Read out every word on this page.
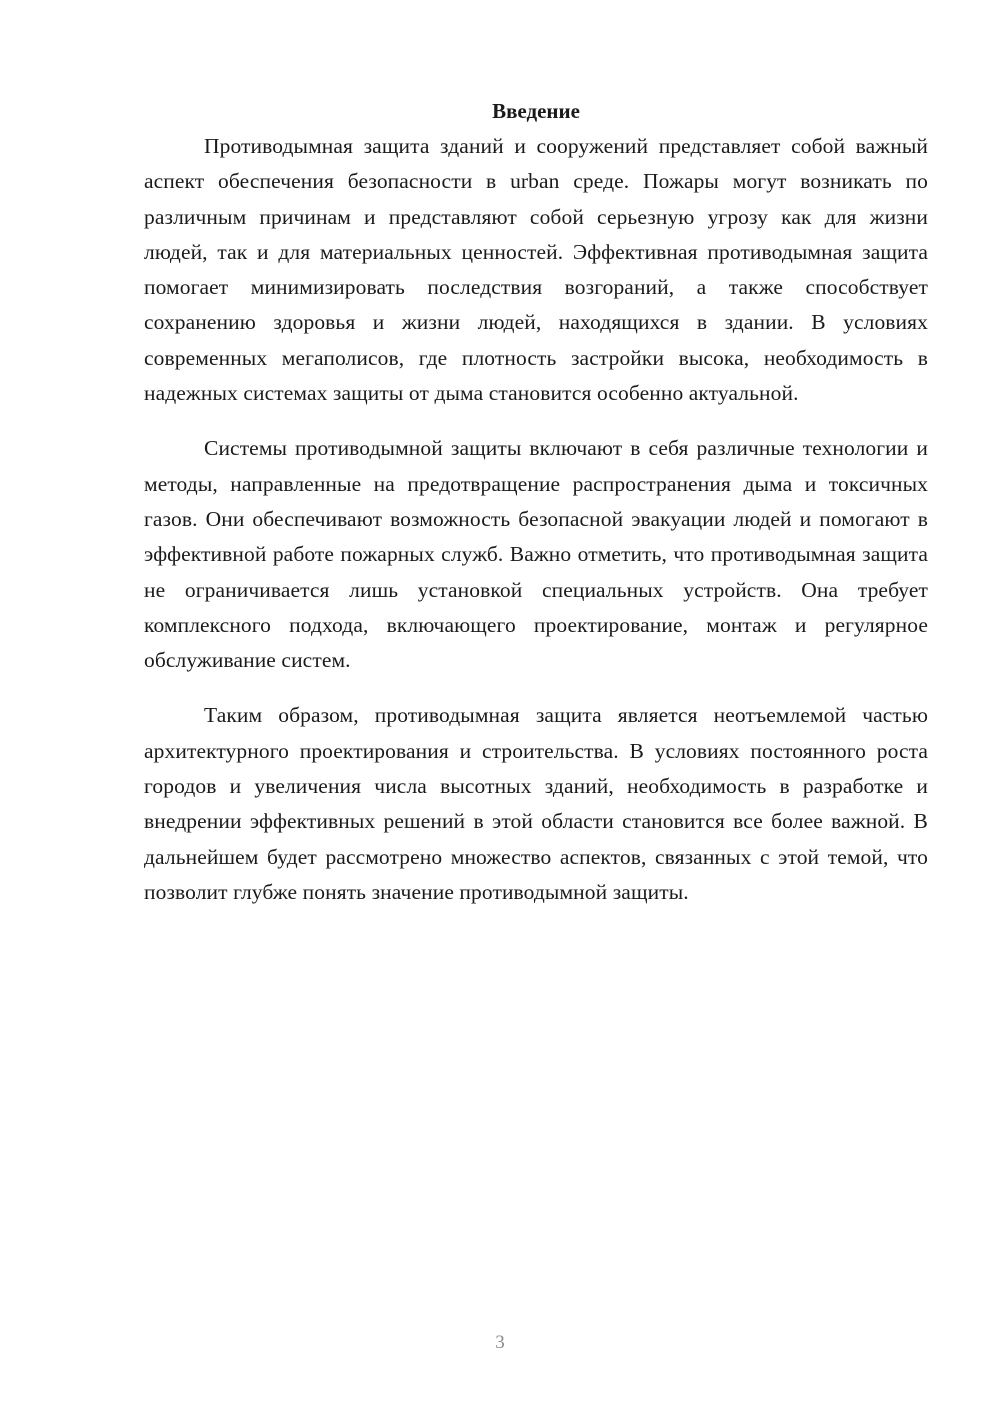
Введение

Противодымная защита зданий и сооружений представляет собой важный аспект обеспечения безопасности в urban среде. Пожары могут возникать по различным причинам и представляют собой серьезную угрозу как для жизни людей, так и для материальных ценностей. Эффективная противодымная защита помогает минимизировать последствия возгораний, а также способствует сохранению здоровья и жизни людей, находящихся в здании. В условиях современных мегаполисов, где плотность застройки высока, необходимость в надежных системах защиты от дыма становится особенно актуальной.

Системы противодымной защиты включают в себя различные технологии и методы, направленные на предотвращение распространения дыма и токсичных газов. Они обеспечивают возможность безопасной эвакуации людей и помогают в эффективной работе пожарных служб. Важно отметить, что противодымная защита не ограничивается лишь установкой специальных устройств. Она требует комплексного подхода, включающего проектирование, монтаж и регулярное обслуживание систем.

Таким образом, противодымная защита является неотъемлемой частью архитектурного проектирования и строительства. В условиях постоянного роста городов и увеличения числа высотных зданий, необходимость в разработке и внедрении эффективных решений в этой области становится все более важной. В дальнейшем будет рассмотрено множество аспектов, связанных с этой темой, что позволит глубже понять значение противодымной защиты.

3
